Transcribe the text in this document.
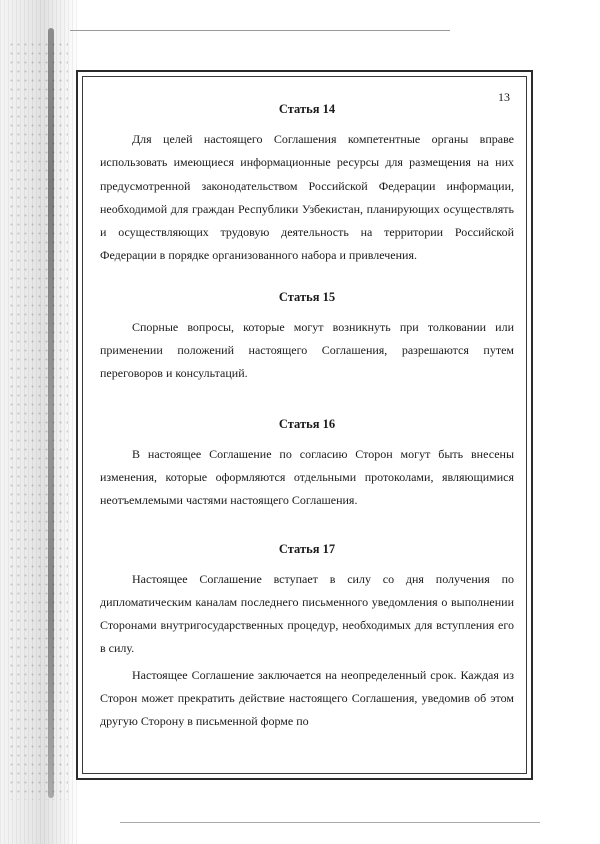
13
Статья 14

Для целей настоящего Соглашения компетентные органы вправе использовать имеющиеся информационные ресурсы для размещения на них предусмотренной законодательством Российской Федерации информации, необходимой для граждан Республики Узбекистан, планирующих осуществлять и осуществляющих трудовую деятельность на территории Российской Федерации в порядке организованного набора и привлечения.

Статья 15

Спорные вопросы, которые могут возникнуть при толковании или применении положений настоящего Соглашения, разрешаются путем переговоров и консультаций.

Статья 16

В настоящее Соглашение по согласию Сторон могут быть внесены изменения, которые оформляются отдельными протоколами, являющимися неотъемлемыми частями настоящего Соглашения.

Статья 17

Настоящее Соглашение вступает в силу со дня получения по дипломатическим каналам последнего письменного уведомления о выполнении Сторонами внутригосударственных процедур, необходимых для вступления его в силу.

Настоящее Соглашение заключается на неопределенный срок. Каждая из Сторон может прекратить действие настоящего Соглашения, уведомив об этом другую Сторону в письменной форме по
